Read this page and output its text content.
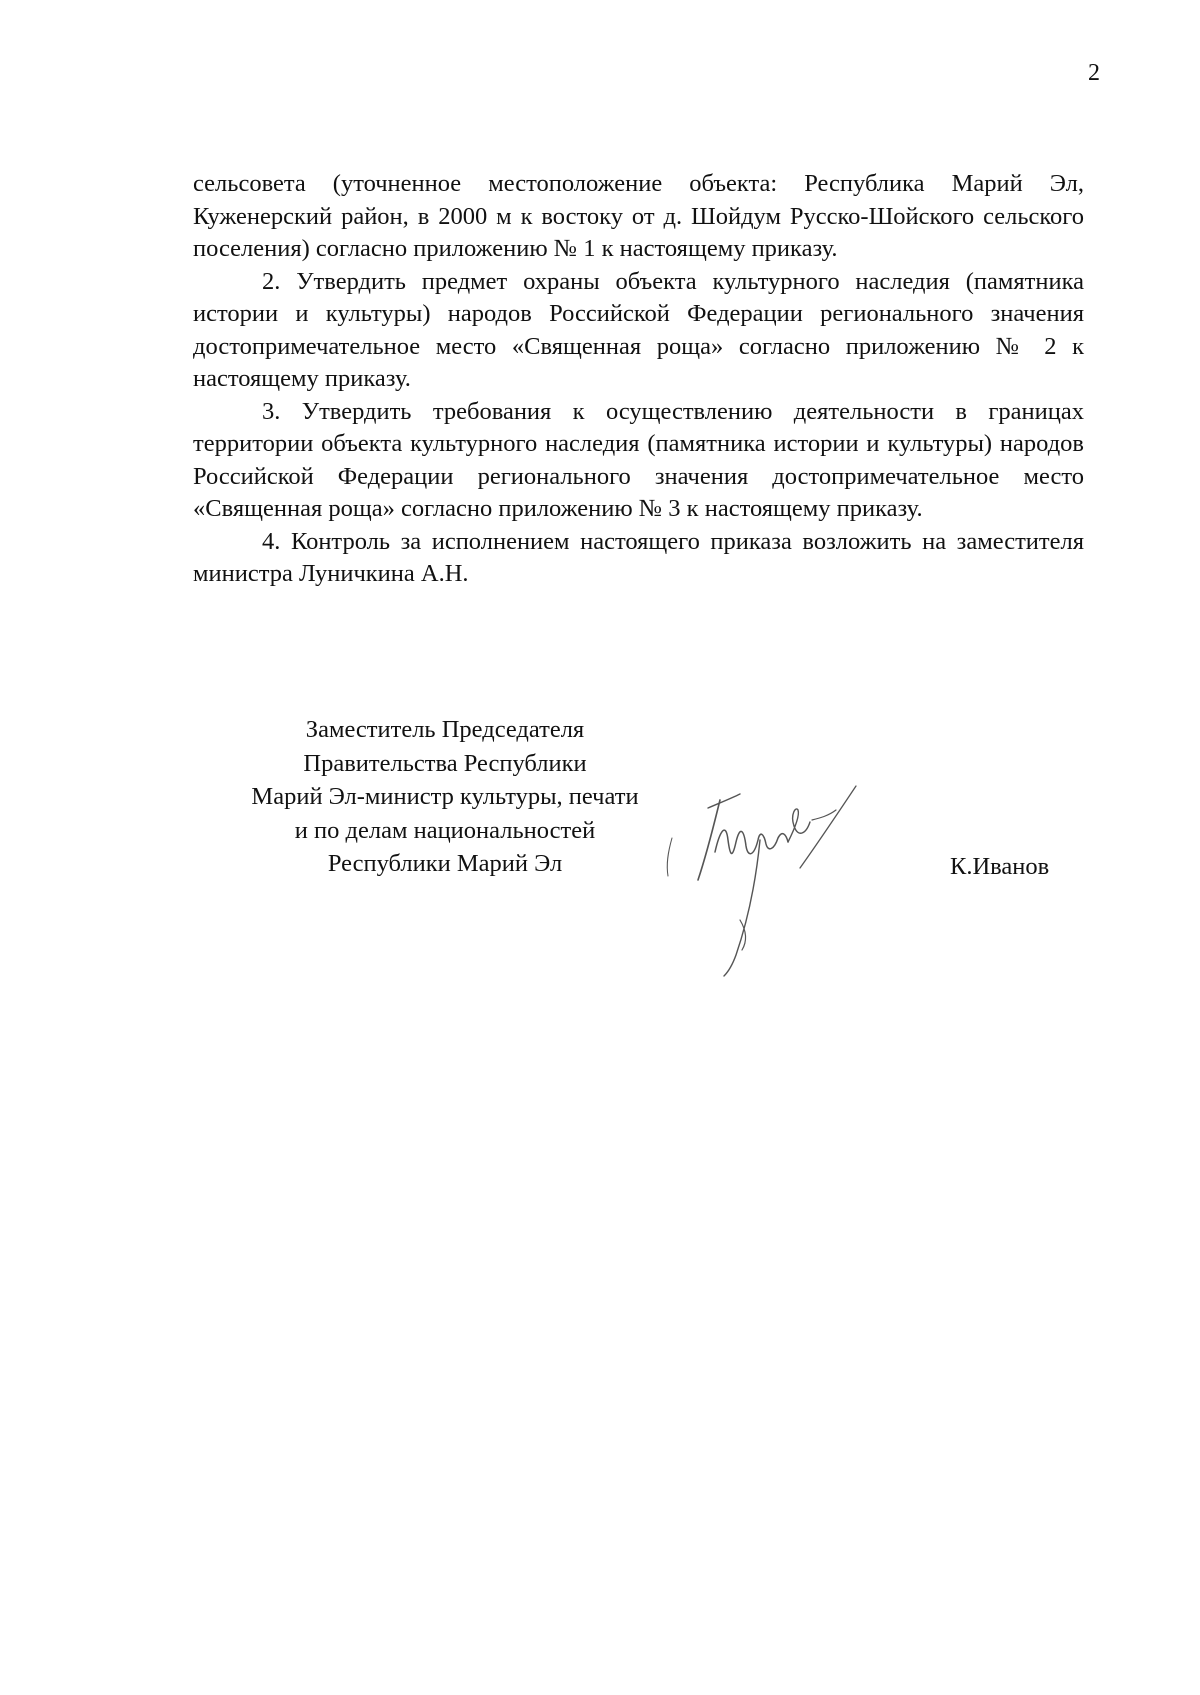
2

сельсовета (уточненное местоположение объекта: Республика Марий Эл, Куженерский район, в 2000 м к востоку от д. Шойдум Русско-Шойского сельского поселения) согласно приложению № 1 к настоящему приказу.

2. Утвердить предмет охраны объекта культурного наследия (памятника истории и культуры) народов Российской Федерации регионального значения достопримечательное место «Священная роща» согласно приложению № 2 к настоящему приказу.

3. Утвердить требования к осуществлению деятельности в границах территории объекта культурного наследия (памятника истории и культуры) народов Российской Федерации регионального значения достопримечательное место «Священная роща» согласно приложению № 3 к настоящему приказу.

4. Контроль за исполнением настоящего приказа возложить на заместителя министра Луничкина А.Н.

Заместитель Председателя
Правительства Республики
Марий Эл-министр культуры, печати
и по делам национальностей
Республики Марий Эл	К.Иванов
